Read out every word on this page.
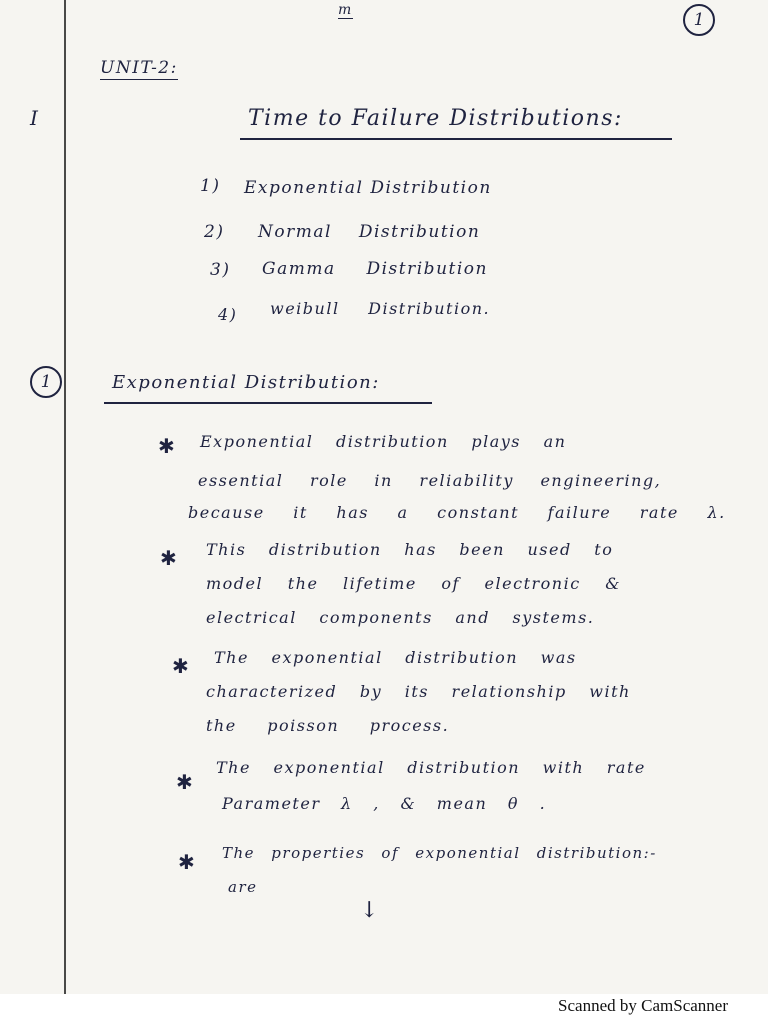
m	1
UNIT-2:
I	Time to Failure Distributions:
1) Exponential Distribution
2) Normal Distribution
3) Gamma Distribution
4) weibull Distribution.
1	Exponential Distribution:
✱ Exponential distribution plays an
essential role in reliability engineering,
because it has a constant failure rate λ.
✱ This distribution has been used to
model the lifetime of electronic &
electrical components and systems.
✱ The exponential distribution was
characterized by its relationship with
the poisson process.
✱
The exponential distribution with rate
Parameter λ , & mean θ .
✱ The properties of exponential distribution:-
are
↓
Scanned by CamScanner
